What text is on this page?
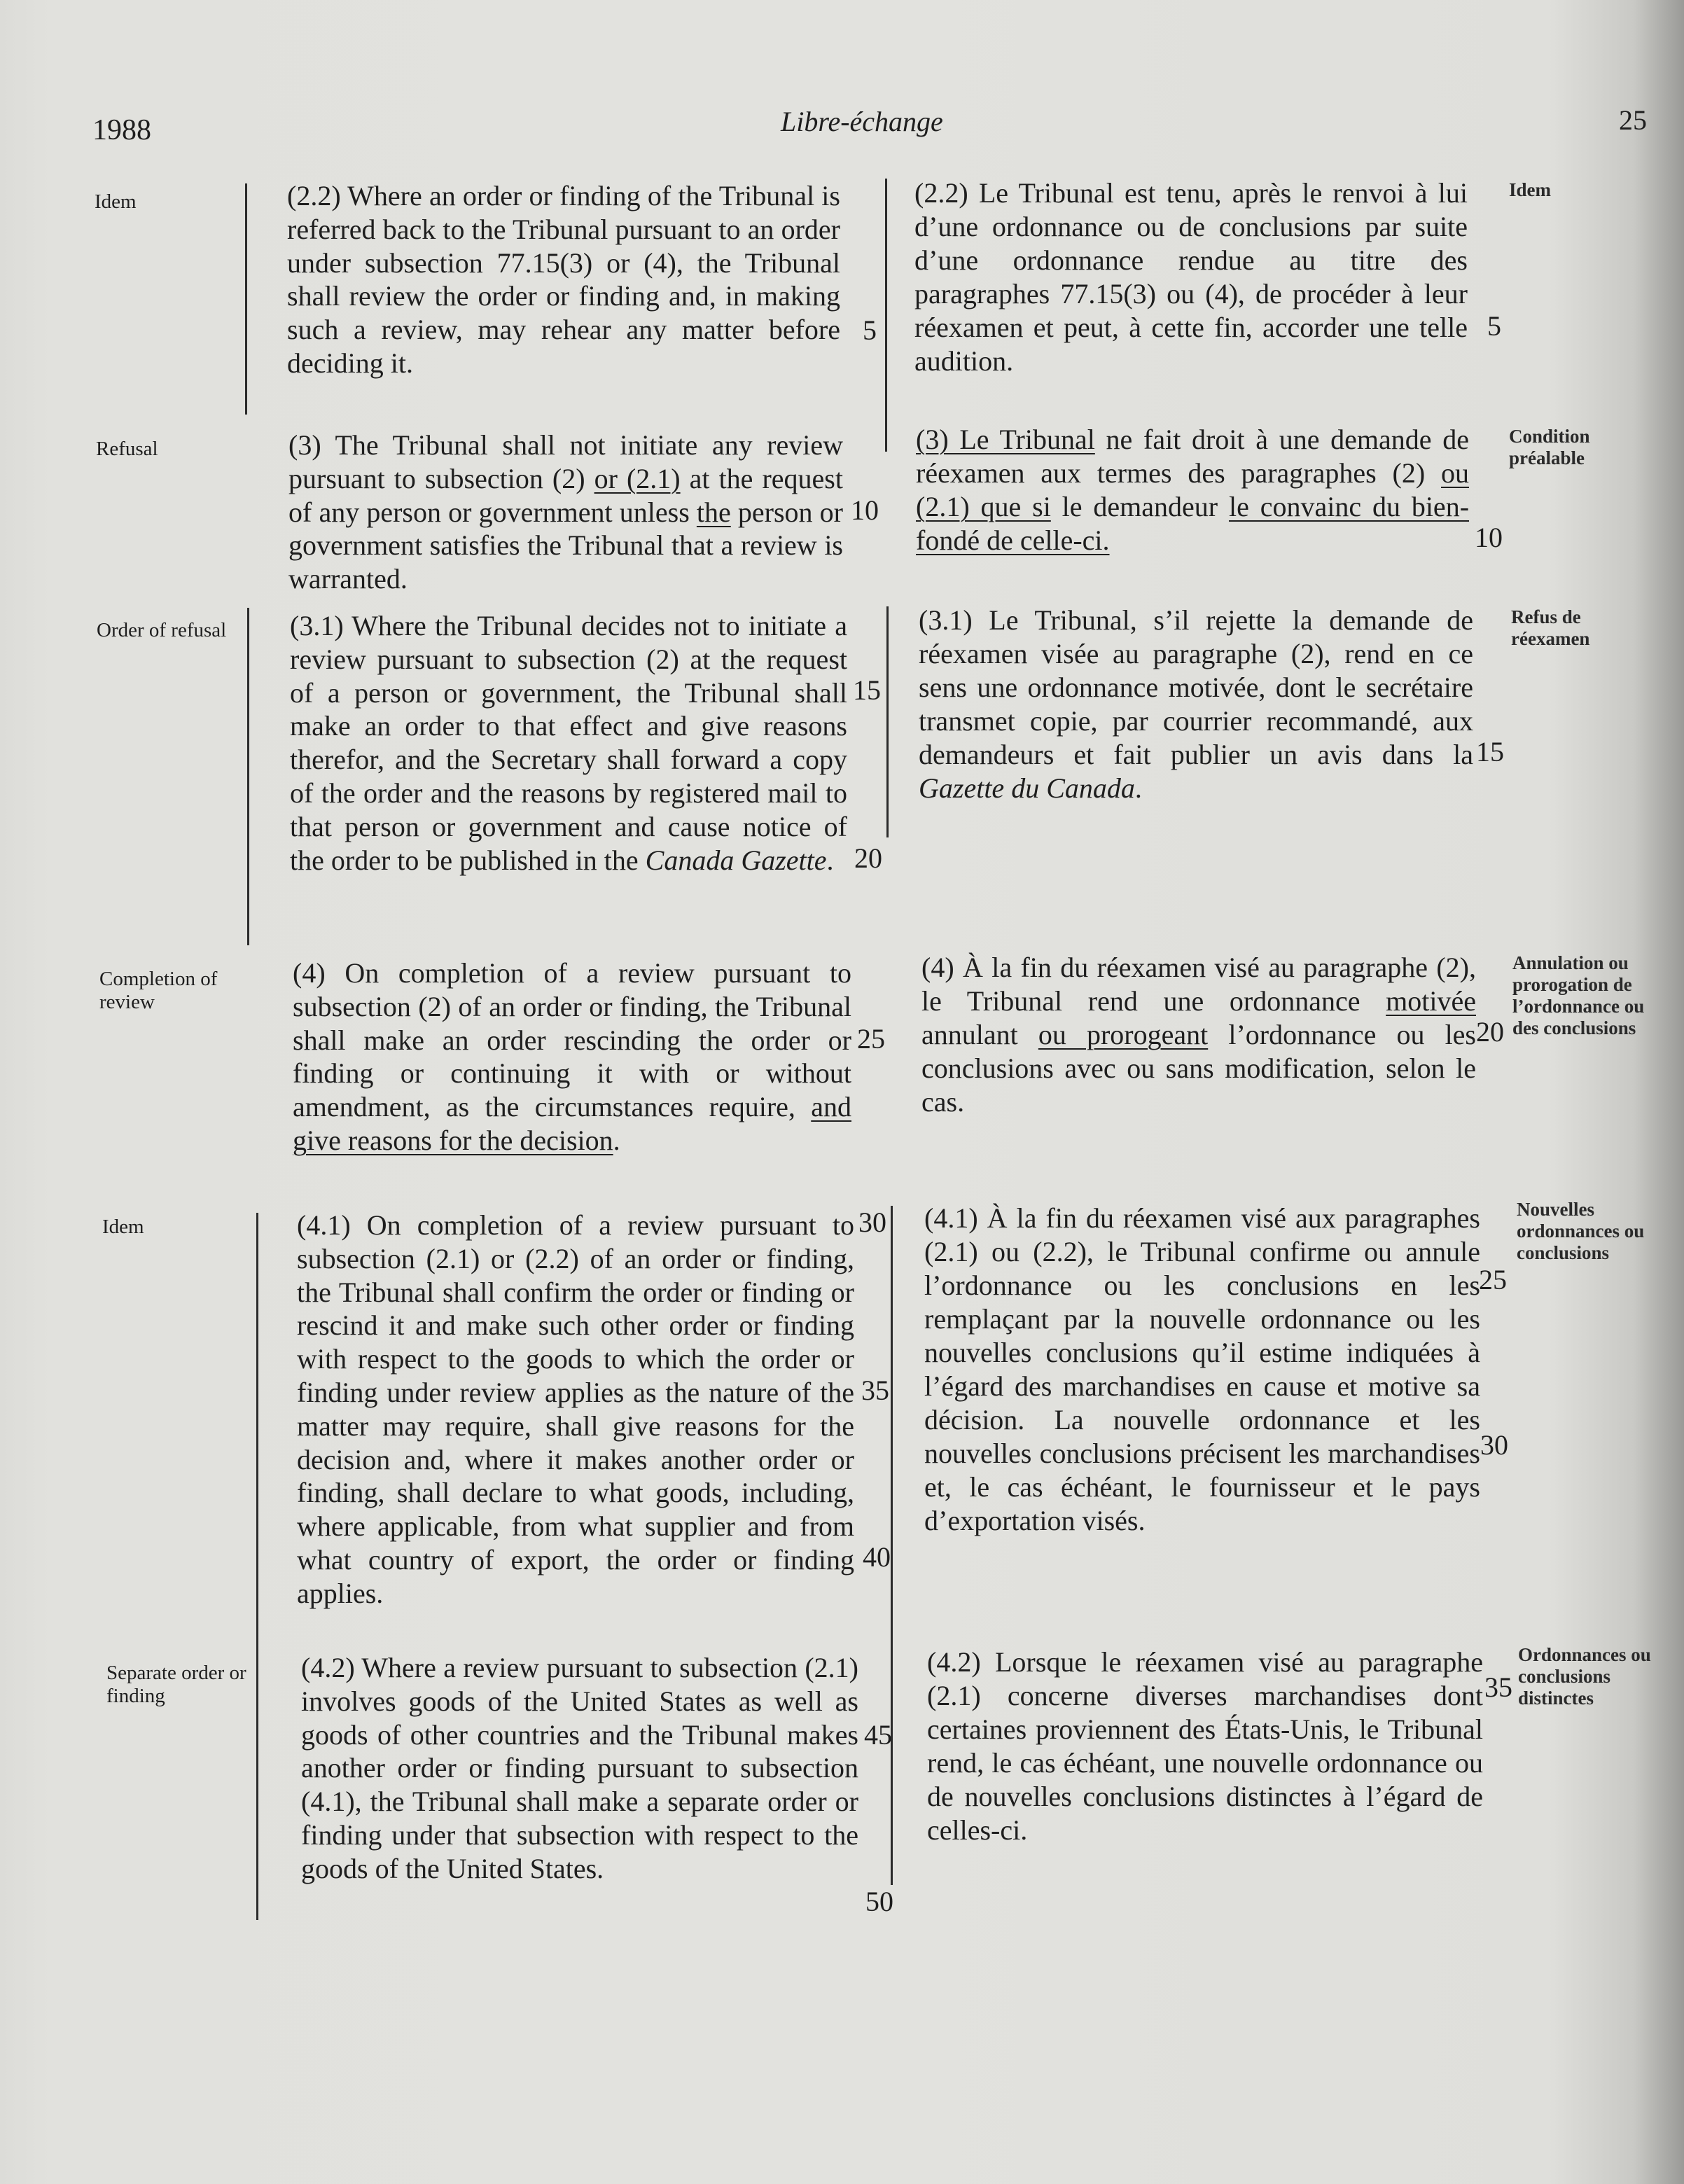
1988	Libre-échange	25
Idem
Refusal
Order of refusal
Completion of review
Idem
Separate order or finding
Idem
Condition préalable
Refus de réexamen
Annulation ou prorogation de l’ordonnance ou des conclusions
Nouvelles ordonnances ou conclusions
Ordonnances ou conclusions distinctes

(2.2) Where an order or finding of the Tribunal is referred back to the Tribunal pursuant to an order under subsection 77.15(3) or (4), the Tribunal shall review the order or finding and, in making such a review, may rehear any matter before deciding it.

(3) The Tribunal shall not initiate any review pursuant to subsection (2) or (2.1) at the request of any person or government unless the person or government satisfies the Tribunal that a review is warranted.

(3.1) Where the Tribunal decides not to initiate a review pursuant to subsection (2) at the request of a person or government, the Tribunal shall make an order to that effect and give reasons therefor, and the Secretary shall forward a copy of the order and the reasons by registered mail to that person or government and cause notice of the order to be published in the Canada Gazette.

(4) On completion of a review pursuant to subsection (2) of an order or finding, the Tribunal shall make an order rescinding the order or finding or continuing it with or without amendment, as the circumstances require, and give reasons for the decision.

(4.1) On completion of a review pursuant to subsection (2.1) or (2.2) of an order or finding, the Tribunal shall confirm the order or finding or rescind it and make such other order or finding with respect to the goods to which the order or finding under review applies as the nature of the matter may require, shall give reasons for the decision and, where it makes another order or finding, shall declare to what goods, including, where applicable, from what supplier and from what country of export, the order or finding applies.

(4.2) Where a review pursuant to subsection (2.1) involves goods of the United States as well as goods of other countries and the Tribunal makes another order or finding pursuant to subsection (4.1), the Tribunal shall make a separate order or finding under that subsection with respect to the goods of the United States.

(2.2) Le Tribunal est tenu, après le renvoi à lui d’une ordonnance ou de conclusions par suite d’une ordonnance rendue au titre des paragraphes 77.15(3) ou (4), de procéder à leur réexamen et peut, à cette fin, accorder une telle audition.

(3) Le Tribunal ne fait droit à une demande de réexamen aux termes des paragraphes (2) ou (2.1) que si le demandeur le convainc du bien-fondé de celle-ci.

(3.1) Le Tribunal, s’il rejette la demande de réexamen visée au paragraphe (2), rend en ce sens une ordonnance motivée, dont le secrétaire transmet copie, par courrier recommandé, aux demandeurs et fait publier un avis dans la Gazette du Canada.

(4) À la fin du réexamen visé au paragraphe (2), le Tribunal rend une ordonnance motivée annulant ou prorogeant l’ordonnance ou les conclusions avec ou sans modification, selon le cas.

(4.1) À la fin du réexamen visé aux paragraphes (2.1) ou (2.2), le Tribunal confirme ou annule l’ordonnance ou les conclusions en les remplaçant par la nouvelle ordonnance ou les nouvelles conclusions qu’il estime indiquées à l’égard des marchandises en cause et motive sa décision. La nouvelle ordonnance et les nouvelles conclusions précisent les marchandises et, le cas échéant, le fournisseur et le pays d’exportation visés.

(4.2) Lorsque le réexamen visé au paragraphe (2.1) concerne diverses marchandises dont certaines proviennent des États-Unis, le Tribunal rend, le cas échéant, une nouvelle ordonnance ou de nouvelles conclusions distinctes à l’égard de celles-ci.

5
10
15
20
25
30
35
40
45
50
5
10
15
20
25
30
35
